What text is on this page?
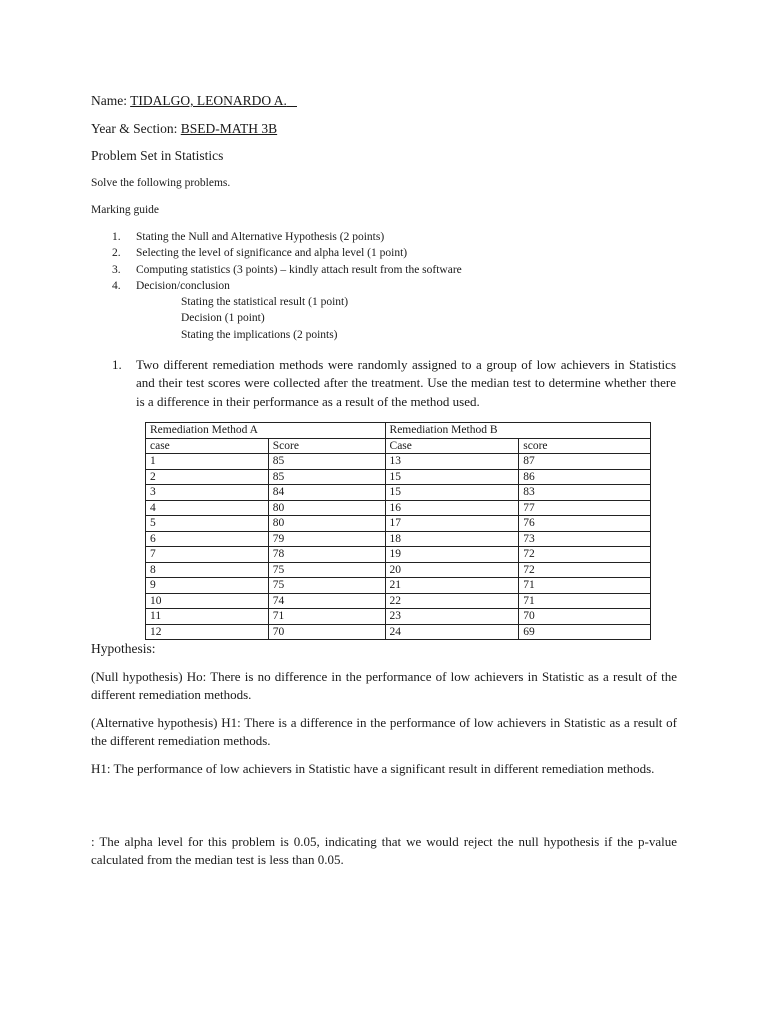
Name: TIDALGO, LEONARDO A.
Year & Section: BSED-MATH 3B
Problem Set in Statistics
Solve the following problems.
Marking guide
1.	Stating the Null and Alternative Hypothesis (2 points)
2.	Selecting the level of significance and alpha level (1 point)
3.	Computing statistics (3 points) – kindly attach result from the software
4.	Decision/conclusion
Stating the statistical result (1 point)
Decision (1 point)
Stating the implications (2 points)
1.	Two different remediation methods were randomly assigned to a group of low achievers in Statistics and their test scores were collected after the treatment. Use the median test to determine whether there is a difference in their performance as a result of the method used.
Remediation Method A		Remediation Method B	
case	Score	Case	score
1	85	13	87
2	85	15	86
3	84	15	83
4	80	16	77
5	80	17	76
6	79	18	73
7	78	19	72
8	75	20	72
9	75	21	71
10	74	22	71
11	71	23	70
12	70	24	69
Hypothesis:
(Null hypothesis) Ho: There is no difference in the performance of low achievers in Statistic as a result of the different remediation methods.
(Alternative hypothesis) H1: There is a difference in the performance of low achievers in Statistic as a result of the different remediation methods.
H1: The performance of low achievers in Statistic have a significant result in different remediation methods.
: The alpha level for this problem is 0.05, indicating that we would reject the null hypothesis if the p-value calculated from the median test is less than 0.05.
